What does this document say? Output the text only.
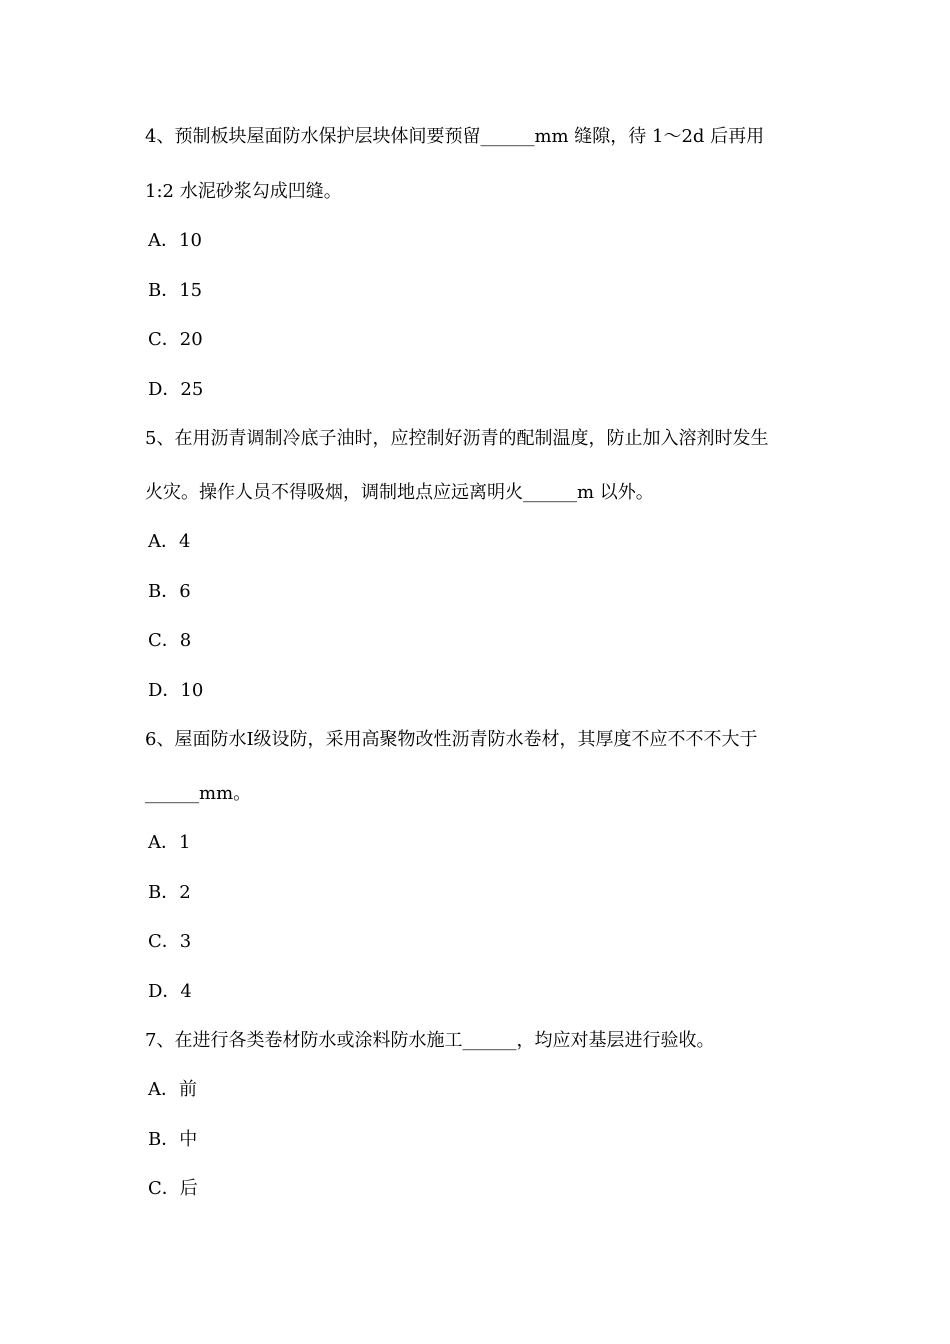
4、预制板块屋面防水保护层块体间要预留______mm 缝隙，待 1～2d 后再用
1:2 水泥砂浆勾成凹缝。
A．10
B．15
C．20
D．25
5、在用沥青调制冷底子油时，应控制好沥青的配制温度，防止加入溶剂时发生
火灾。操作人员不得吸烟，调制地点应远离明火______m 以外。
A．4
B．6
C．8
D．10
6、屋面防水Ⅰ级设防，采用高聚物改性沥青防水卷材，其厚度不应不不不大于
______mm。
A．1
B．2
C．3
D．4
7、在进行各类卷材防水或涂料防水施工______，均应对基层进行验收。
A．前
B．中
C．后
